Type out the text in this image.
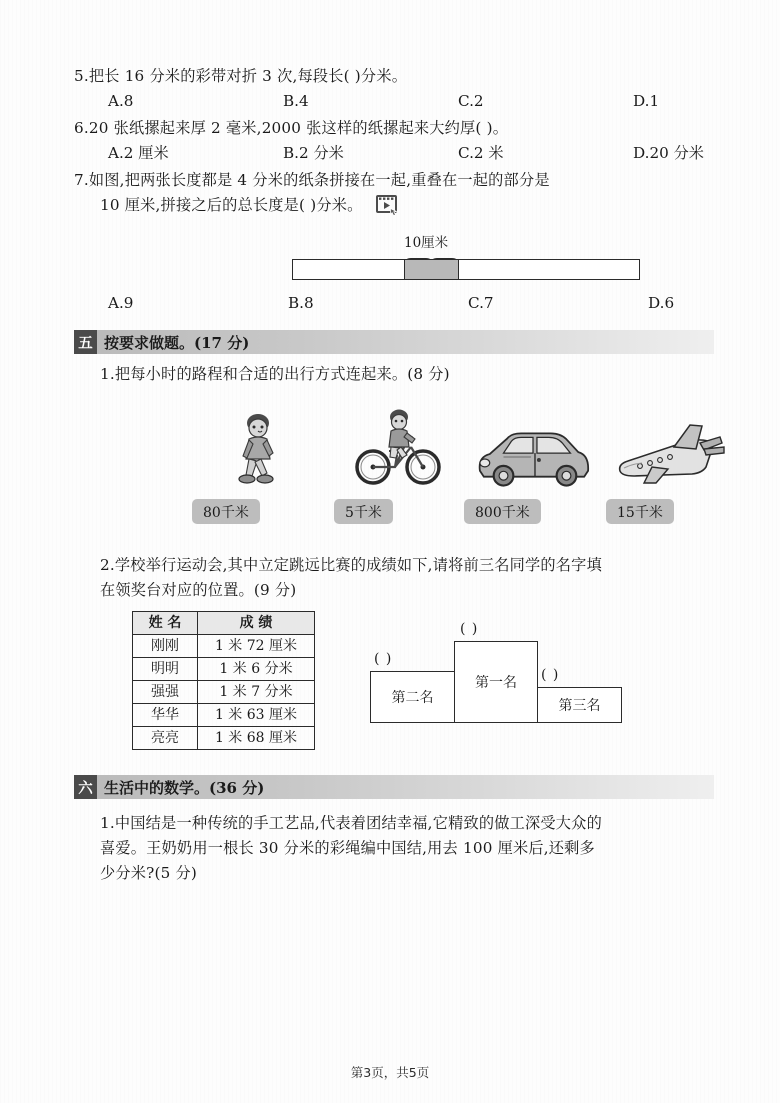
5.把长 16 分米的彩带对折 3 次,每段长( )分米。
A.8	B.4	C.2	D.1
6.20 张纸摞起来厚 2 毫米,2000 张这样的纸摞起来大约厚( )。
A.2 厘米	B.2 分米	C.2 米	D.20 分米
7.如图,把两张长度都是 4 分米的纸条拼接在一起,重叠在一起的部分是
10 厘米,拼接之后的总长度是( )分米。
10厘米
A.9	B.8	C.7	D.6
五 按要求做题。(17 分)
1.把每小时的路程和合适的出行方式连起来。(8 分)
80千米	5千米	800千米	15千米
2.学校举行运动会,其中立定跳远比赛的成绩如下,请将前三名同学的名字填
在领奖台对应的位置。(9 分)
姓 名	成 绩
刚刚	1 米 72 厘米
明明	1 米 6 分米
强强	1 米 7 分米
华华	1 米 63 厘米
亮亮	1 米 68 厘米
( )
( )
( )
第二名
第一名
第三名
六 生活中的数学。(36 分)
1.中国结是一种传统的手工艺品,代表着团结幸福,它精致的做工深受大众的
喜爱。王奶奶用一根长 30 分米的彩绳编中国结,用去 100 厘米后,还剩多
少分米?(5 分)
第3页，共5页
